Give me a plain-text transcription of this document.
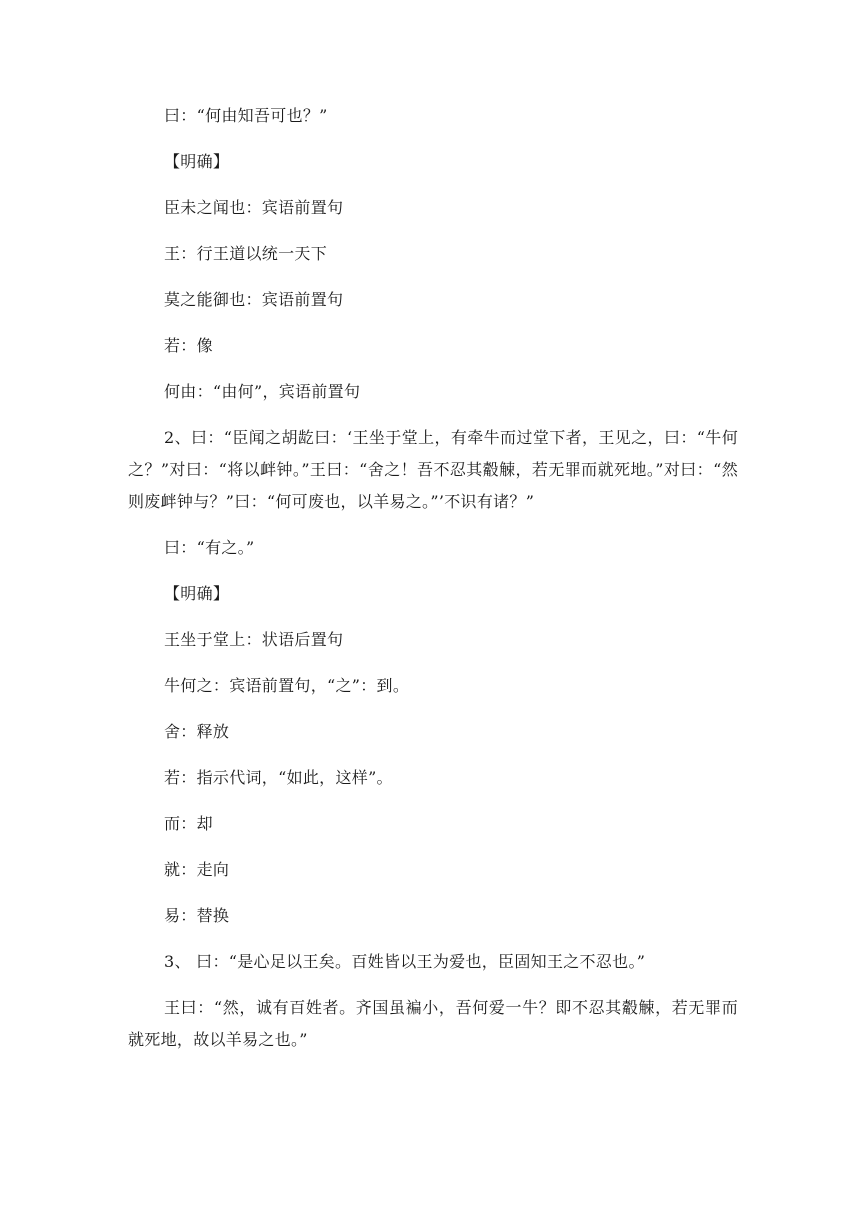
曰：“何由知吾可也？”

【明确】

臣未之闻也：宾语前置句

王：行王道以统一天下

莫之能御也：宾语前置句

若：像

何由：“由何”，宾语前置句

2、曰：“臣闻之胡龁曰：‘王坐于堂上，有牵牛而过堂下者，王见之，曰：“牛何之？”对曰：“将以衅钟。”王曰：“舍之！吾不忍其觳觫，若无罪而就死地。”对曰：“然则废衅钟与？”曰：“何可废也，以羊易之。”’不识有诸？”

曰：“有之。”

【明确】

王坐于堂上：状语后置句

牛何之：宾语前置句，“之”：到。

舍：释放

若：指示代词，“如此，这样”。

而：却

就：走向

易：替换

3、 曰：“是心足以王矣。百姓皆以王为爱也，臣固知王之不忍也。”

王曰：“然，诚有百姓者。齐国虽褊小，吾何爱一牛？即不忍其觳觫，若无罪而就死地，故以羊易之也。”
